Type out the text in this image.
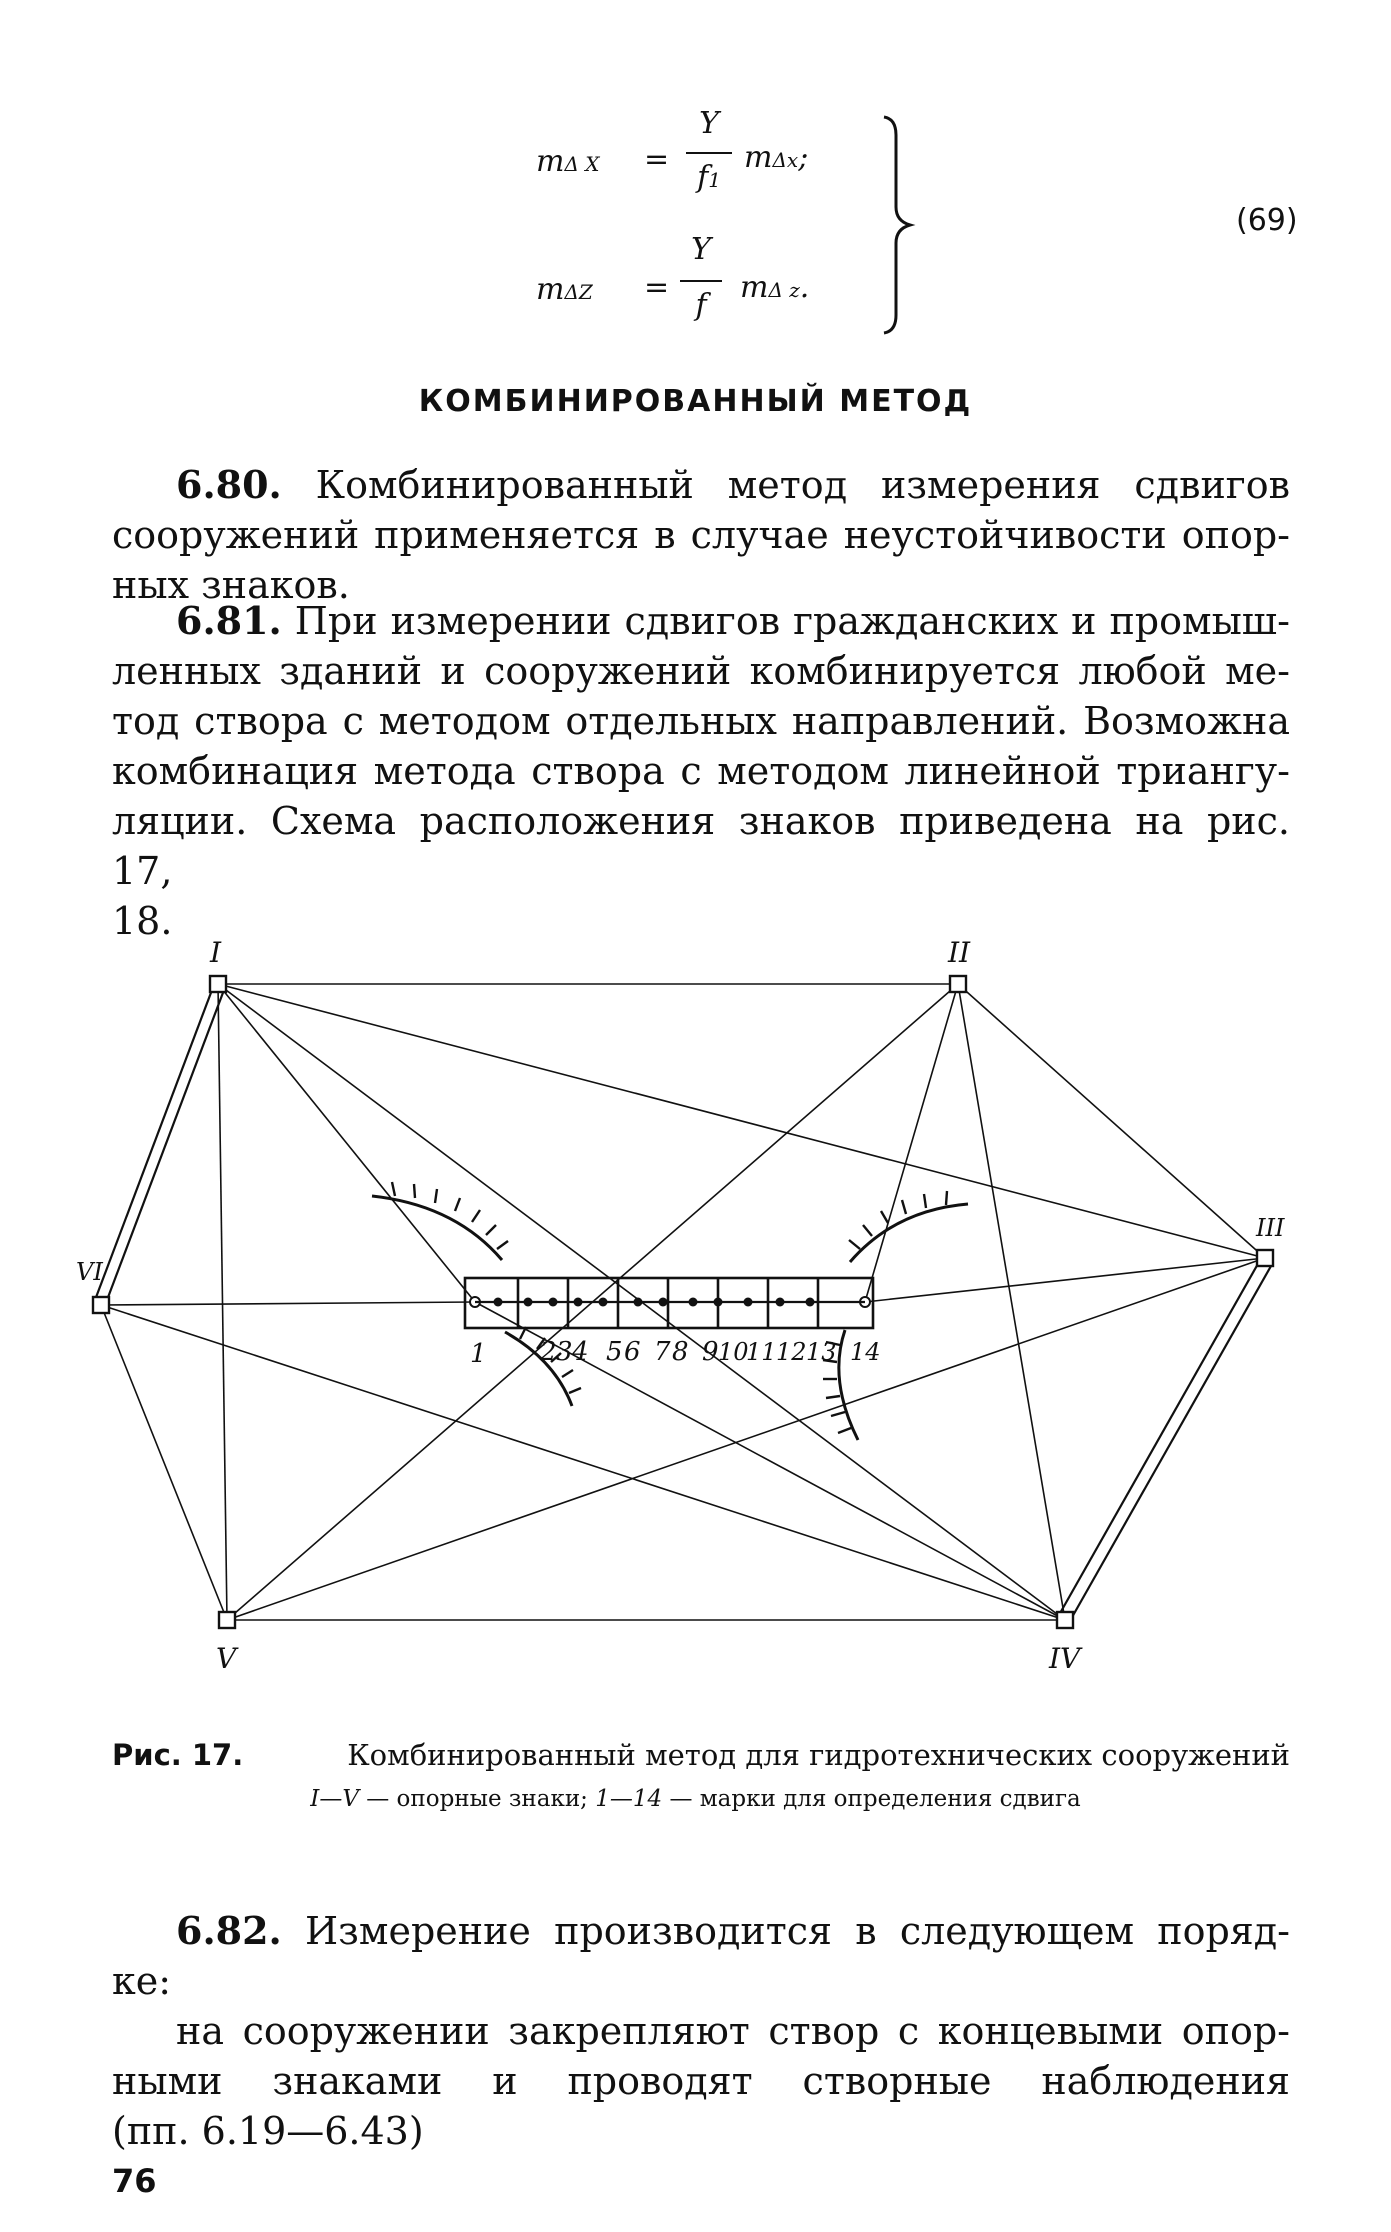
mΔ X =
Y
f1
mΔx;
mΔZ =
Y
f
mΔ z.
(69)
КОМБИНИРОВАННЫЙ МЕТОД
6.80. Комбинированный метод измерения сдвигов
сооружений применяется в случае неустойчивости опор-
ных знаков.
6.81. При измерении сдвигов гражданских и промыш-
ленных зданий и сооружений комбинируется любой ме-
тод створа с методом отдельных направлений. Возможна
комбинация метода створа с методом линейной триангу-
ляции. Схема расположения знаков приведена на рис. 17,
18.
I	II
III
IV
V
VI
1 2 3 4 5 6 7 8 9 10
11 12 13 14
Рис. 17.	Комбинированный метод для гидротехнических сооружений
I—V — опорные знаки; 1—14 — марки для определения сдвига
6.82. Измерение производится в следующем поряд-
ке:
на сооружении закрепляют створ с концевыми опор-
ными знаками и проводят створные наблюдения
(пп. 6.19—6.43)
76
